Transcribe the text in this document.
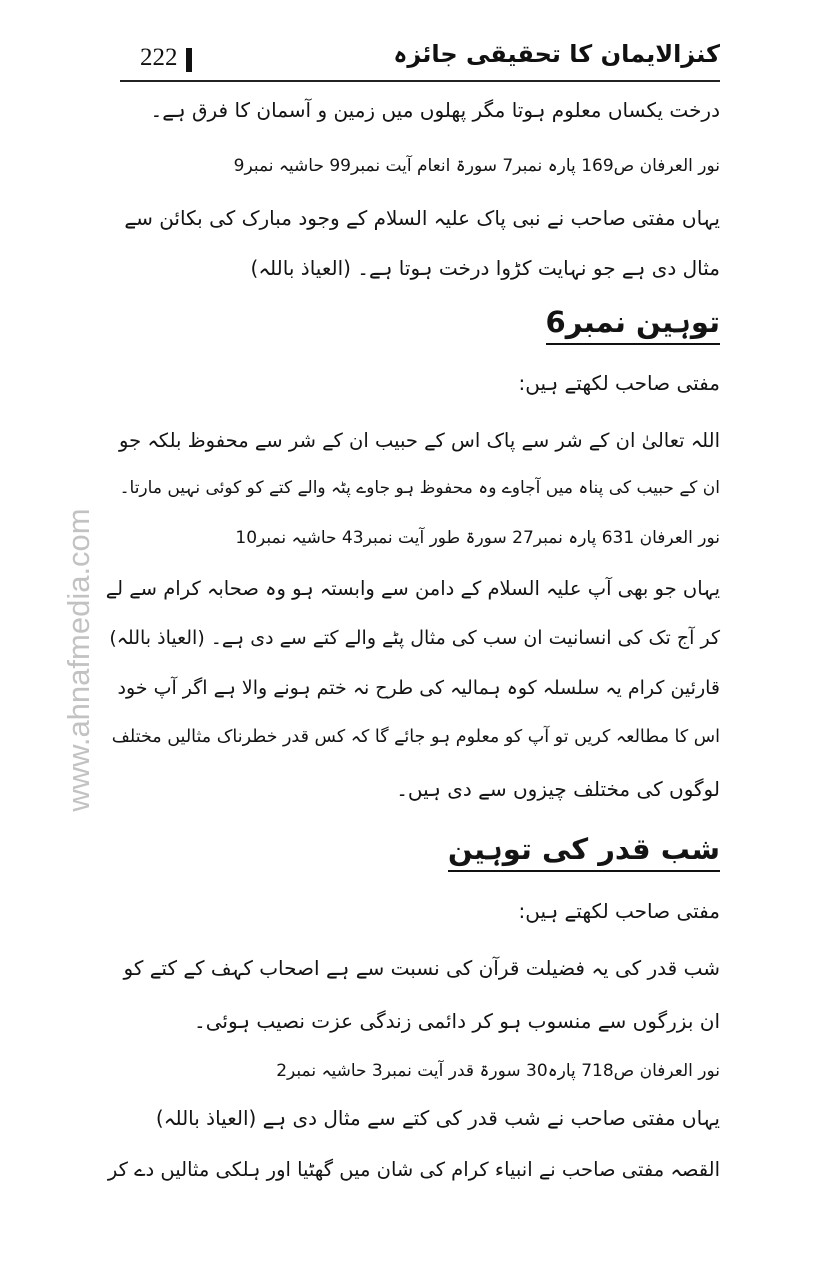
222	کنزالایمان کا تحقیقی جائزہ
www.ahnafmedia.com
درخت یکساں معلوم ہوتا مگر پھلوں میں زمین و آسمان کا فرق ہے۔
نور العرفان ص169 پارہ نمبر7 سورۃ انعام آیت نمبر99 حاشیہ نمبر9
یہاں مفتی صاحب نے نبی پاک علیہ السلام کے وجود مبارک کی بکائن سے
مثال دی ہے جو نہایت کڑوا درخت ہوتا ہے۔ (العیاذ باللہ)
توہین نمبر6
مفتی صاحب لکھتے ہیں:
اللہ تعالیٰ ان کے شر سے پاک اس کے حبیب ان کے شر سے محفوظ بلکہ جو
ان کے حبیب کی پناہ میں آجاوے وہ محفوظ ہو جاوے پٹہ والے کتے کو کوئی نہیں مارتا۔
نور العرفان 631 پارہ نمبر27 سورۃ طور آیت نمبر43 حاشیہ نمبر10
یہاں جو بھی آپ علیہ السلام کے دامن سے وابستہ ہو وہ صحابہ کرام سے لے
کر آج تک کی انسانیت ان سب کی مثال پٹے والے کتے سے دی ہے۔ (العیاذ باللہ)
قارئین کرام یہ سلسلہ کوہ ہمالیہ کی طرح نہ ختم ہونے والا ہے اگر آپ خود
اس کا مطالعہ کریں تو آپ کو معلوم ہو جائے گا کہ کس قدر خطرناک مثالیں مختلف
لوگوں کی مختلف چیزوں سے دی ہیں۔
شب قدر کی توہین
مفتی صاحب لکھتے ہیں:
شب قدر کی یہ فضیلت قرآن کی نسبت سے ہے اصحاب کہف کے کتے کو
ان بزرگوں سے منسوب ہو کر دائمی زندگی عزت نصیب ہوئی۔
نور العرفان ص718 پارہ30 سورۃ قدر آیت نمبر3 حاشیہ نمبر2
یہاں مفتی صاحب نے شب قدر کی کتے سے مثال دی ہے (العیاذ باللہ)
القصہ مفتی صاحب نے انبیاء کرام کی شان میں گھٹیا اور ہلکی مثالیں دے کر
